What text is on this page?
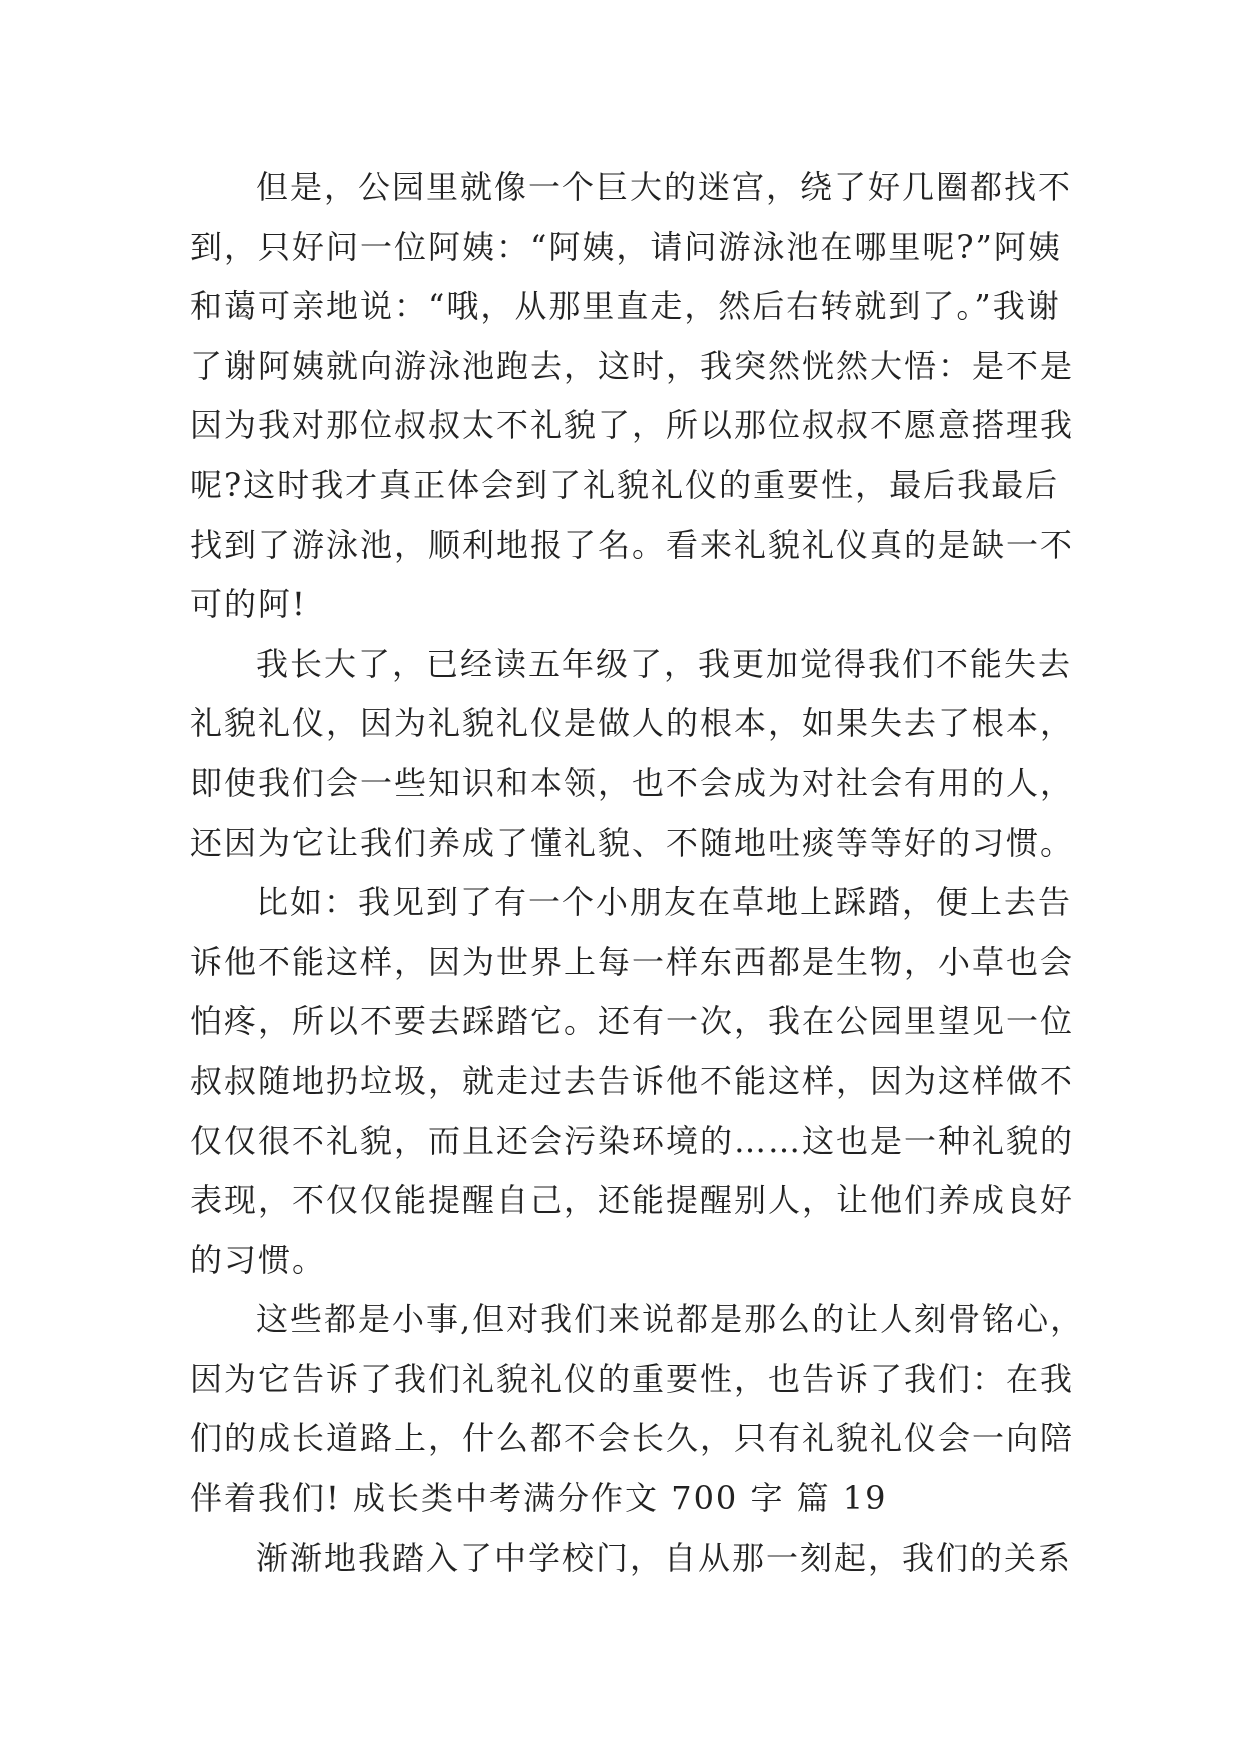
但是，公园里就像一个巨大的迷宫，绕了好几圈都找不
到，只好问一位阿姨：“阿姨，请问游泳池在哪里呢?”阿姨
和蔼可亲地说：“哦，从那里直走，然后右转就到了。”我谢
了谢阿姨就向游泳池跑去，这时，我突然恍然大悟：是不是
因为我对那位叔叔太不礼貌了，所以那位叔叔不愿意搭理我
呢?这时我才真正体会到了礼貌礼仪的重要性，最后我最后
找到了游泳池，顺利地报了名。看来礼貌礼仪真的是缺一不
可的阿!
我长大了，已经读五年级了，我更加觉得我们不能失去
礼貌礼仪，因为礼貌礼仪是做人的根本，如果失去了根本，
即使我们会一些知识和本领，也不会成为对社会有用的人，
还因为它让我们养成了懂礼貌、不随地吐痰等等好的习惯。
比如：我见到了有一个小朋友在草地上踩踏，便上去告
诉他不能这样，因为世界上每一样东西都是生物，小草也会
怕疼，所以不要去踩踏它。还有一次，我在公园里望见一位
叔叔随地扔垃圾，就走过去告诉他不能这样，因为这样做不
仅仅很不礼貌，而且还会污染环境的……这也是一种礼貌的
表现，不仅仅能提醒自己，还能提醒别人，让他们养成良好
的习惯。
这些都是小事,但对我们来说都是那么的让人刻骨铭心，
因为它告诉了我们礼貌礼仪的重要性，也告诉了我们：在我
们的成长道路上，什么都不会长久，只有礼貌礼仪会一向陪
伴着我们! 成长类中考满分作文 700 字 篇 19
渐渐地我踏入了中学校门，自从那一刻起，我们的关系
